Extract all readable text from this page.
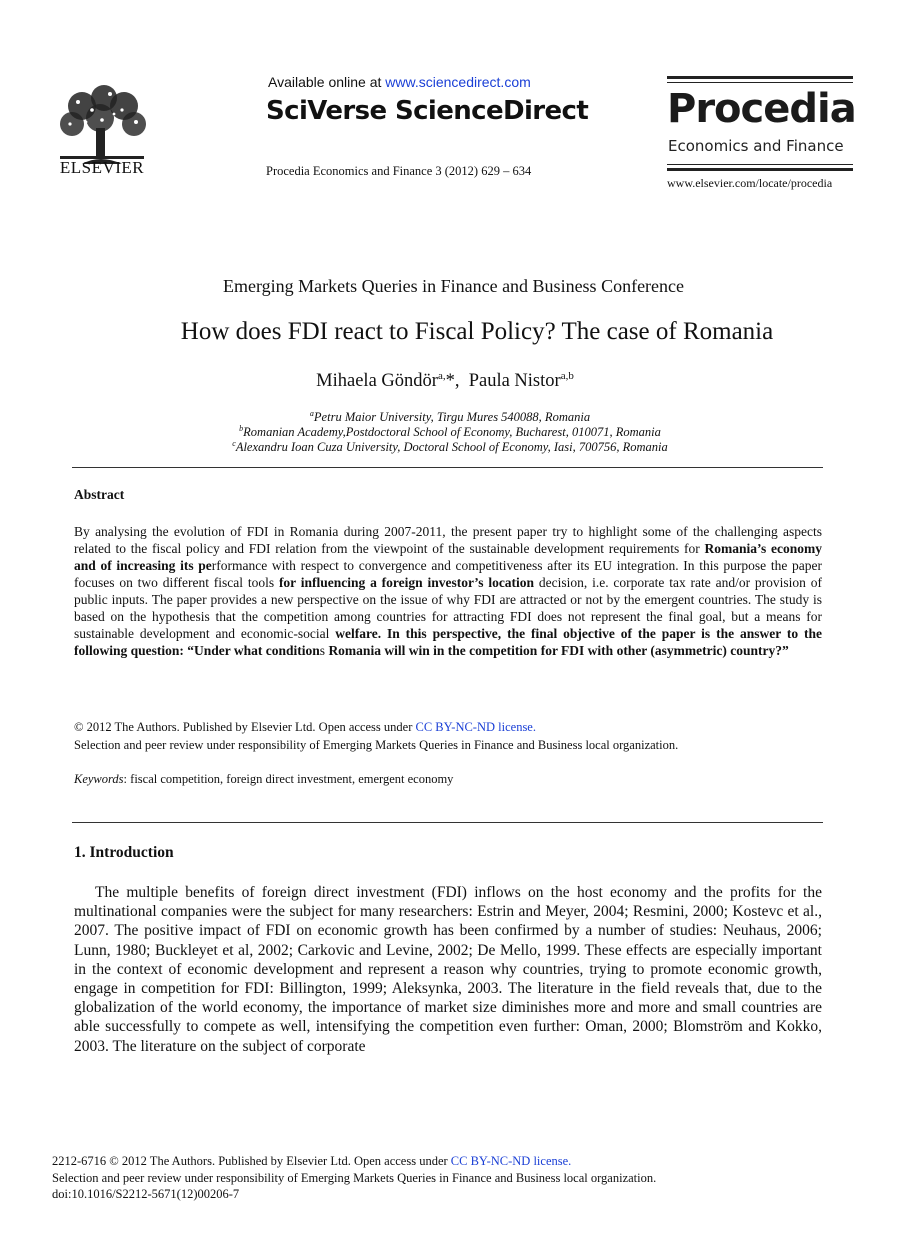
ELSEVIER
Available online at www.sciencedirect.com
SciVerse ScienceDirect
Procedia Economics and Finance 3 (2012) 629 – 634
Procedia
Economics and Finance
www.elsevier.com/locate/procedia
Emerging Markets Queries in Finance and Business Conference
How does FDI react to Fiscal Policy? The case of Romania
Mihaela Göndör$^{a,}$*,  Paula Nistor$^{a,b}$
$^a$Petru Maior University, Tirgu Mures 540088, Romania
$^b$Romanian Academy,Postdoctoral School of Economy, Bucharest, 010071, Romania
$^c$Alexandru Ioan Cuza University, Doctoral School of Economy, Iasi, 700756, Romania
Abstract
By analysing the evolution of FDI in Romania during 2007-2011, the present paper try to highlight some of the challenging aspects related to the fiscal policy and FDI relation from the viewpoint of the sustainable development requirements for Romania’s economy and of increasing its performance with respect to convergence and competitiveness after its EU integration. In this purpose the paper focuses on two different fiscal tools for influencing a foreign investor’s location decision, i.e. corporate tax rate and/or provision of public inputs. The paper provides a new perspective on the issue of why FDI are attracted or not by the emergent countries. The study is based on the hypothesis that the competition among countries for attracting FDI does not represent the final goal, but a means for sustainable development and economic-social welfare. In this perspective, the final objective of the paper is the answer to the following question: “Under what conditions Romania will win in the competition for FDI with other (asymmetric) country?”
© 2012 The Authors. Published by Elsevier Ltd. Open access under CC BY-NC-ND license.
Selection and peer review under responsibility of Emerging Markets Queries in Finance and Business local organization.
Keywords: fiscal competition, foreign direct investment, emergent economy
1. Introduction
The multiple benefits of foreign direct investment (FDI) inflows on the host economy and the profits for the multinational companies were the subject for many researchers: Estrin and Meyer, 2004; Resmini, 2000; Kostevc et al., 2007. The positive impact of FDI on economic growth has been confirmed by a number of studies: Neuhaus, 2006; Lunn, 1980; Buckleyet et al, 2002; Carkovic and Levine, 2002; De Mello, 1999. These effects are especially important in the context of economic development and represent a reason why countries, trying to promote economic growth, engage in competition for FDI: Billington, 1999; Aleksynka, 2003. The literature in the field reveals that, due to the globalization of the world economy, the importance of market size diminishes more and more and small countries are able successfully to compete as well, intensifying the competition even further: Oman, 2000; Blomström and Kokko, 2003. The literature on the subject of corporate
2212-6716 © 2012 The Authors. Published by Elsevier Ltd. Open access under CC BY-NC-ND license.
Selection and peer review under responsibility of Emerging Markets Queries in Finance and Business local organization.
doi:10.1016/S2212-5671(12)00206-7
